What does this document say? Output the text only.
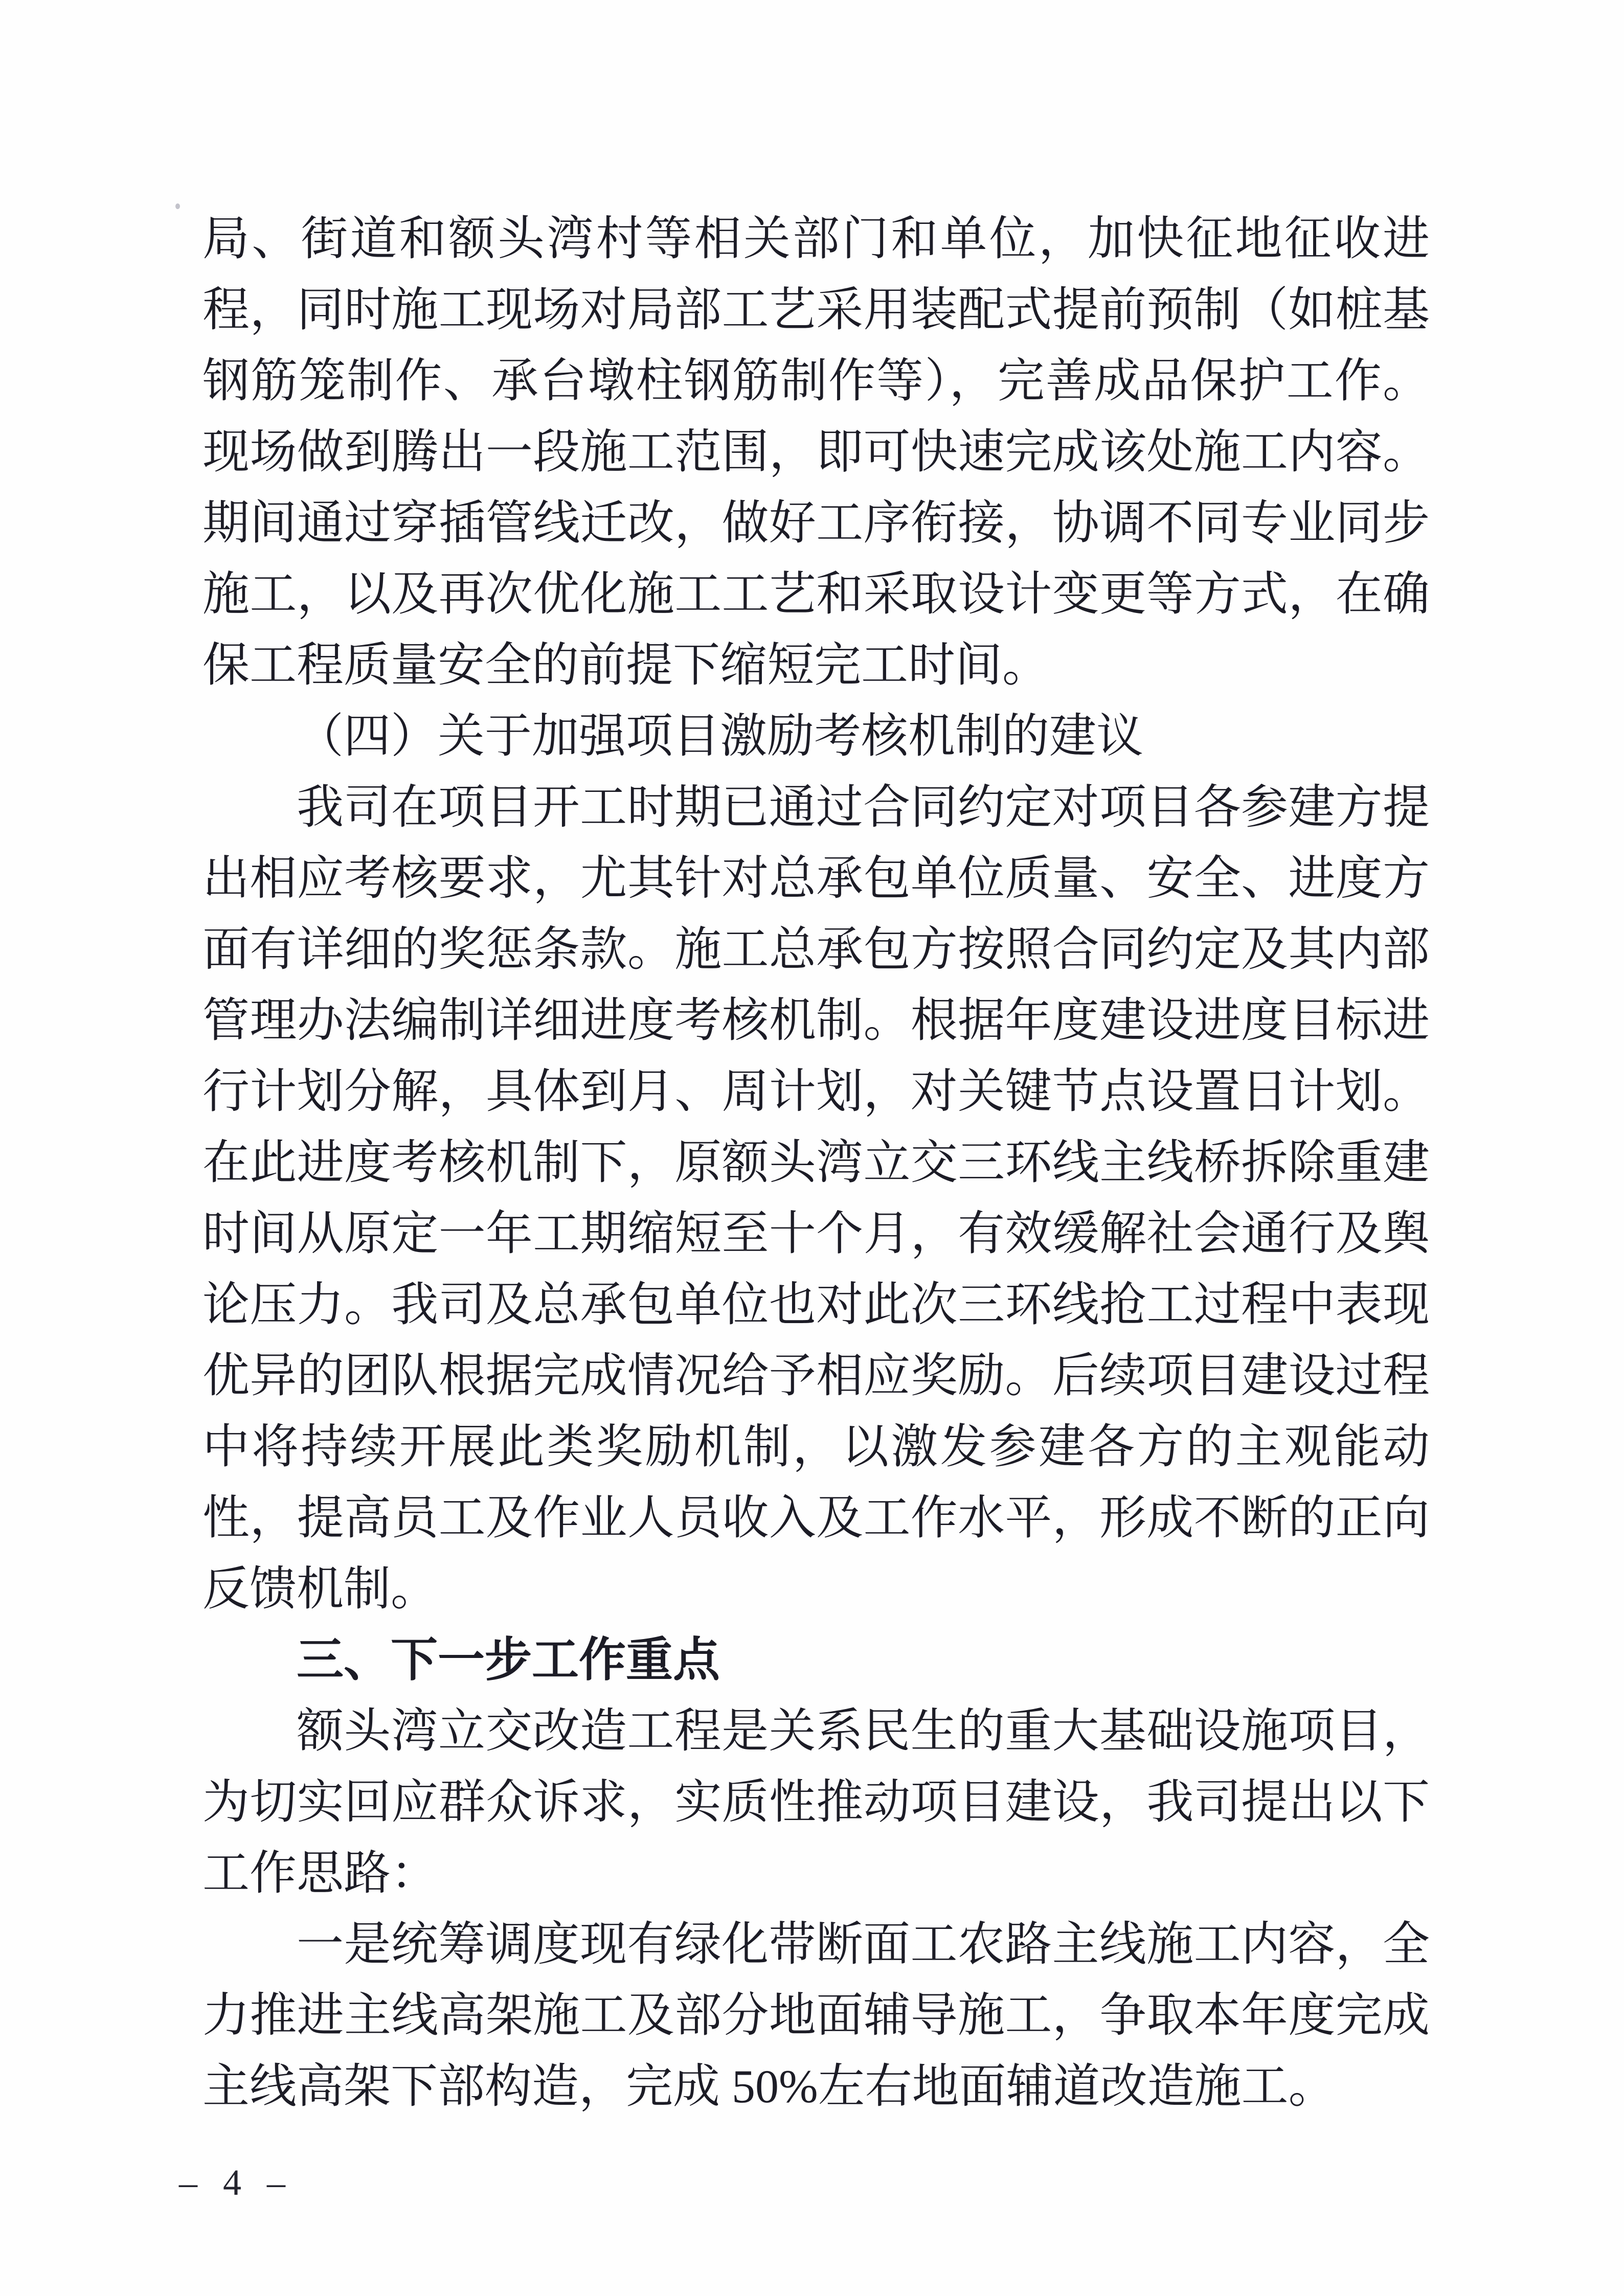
局、街道和额头湾村等相关部门和单位，加快征地征收进程，同时施工现场对局部工艺采用装配式提前预制（如桩基钢筋笼制作、承台墩柱钢筋制作等），完善成品保护工作。现场做到腾出一段施工范围，即可快速完成该处施工内容。期间通过穿插管线迁改，做好工序衔接，协调不同专业同步施工，以及再次优化施工工艺和采取设计变更等方式，在确保工程质量安全的前提下缩短完工时间。

（四）关于加强项目激励考核机制的建议

我司在项目开工时期已通过合同约定对项目各参建方提出相应考核要求，尤其针对总承包单位质量、安全、进度方面有详细的奖惩条款。施工总承包方按照合同约定及其内部管理办法编制详细进度考核机制。根据年度建设进度目标进行计划分解，具体到月、周计划，对关键节点设置日计划。在此进度考核机制下，原额头湾立交三环线主线桥拆除重建时间从原定一年工期缩短至十个月，有效缓解社会通行及舆论压力。我司及总承包单位也对此次三环线抢工过程中表现优异的团队根据完成情况给予相应奖励。后续项目建设过程中将持续开展此类奖励机制，以激发参建各方的主观能动性，提高员工及作业人员收入及工作水平，形成不断的正向反馈机制。

三、下一步工作重点

额头湾立交改造工程是关系民生的重大基础设施项目，为切实回应群众诉求，实质性推动项目建设，我司提出以下工作思路：

一是统筹调度现有绿化带断面工农路主线施工内容，全力推进主线高架施工及部分地面辅导施工，争取本年度完成主线高架下部构造，完成 50%左右地面辅道改造施工。

– 4 –
